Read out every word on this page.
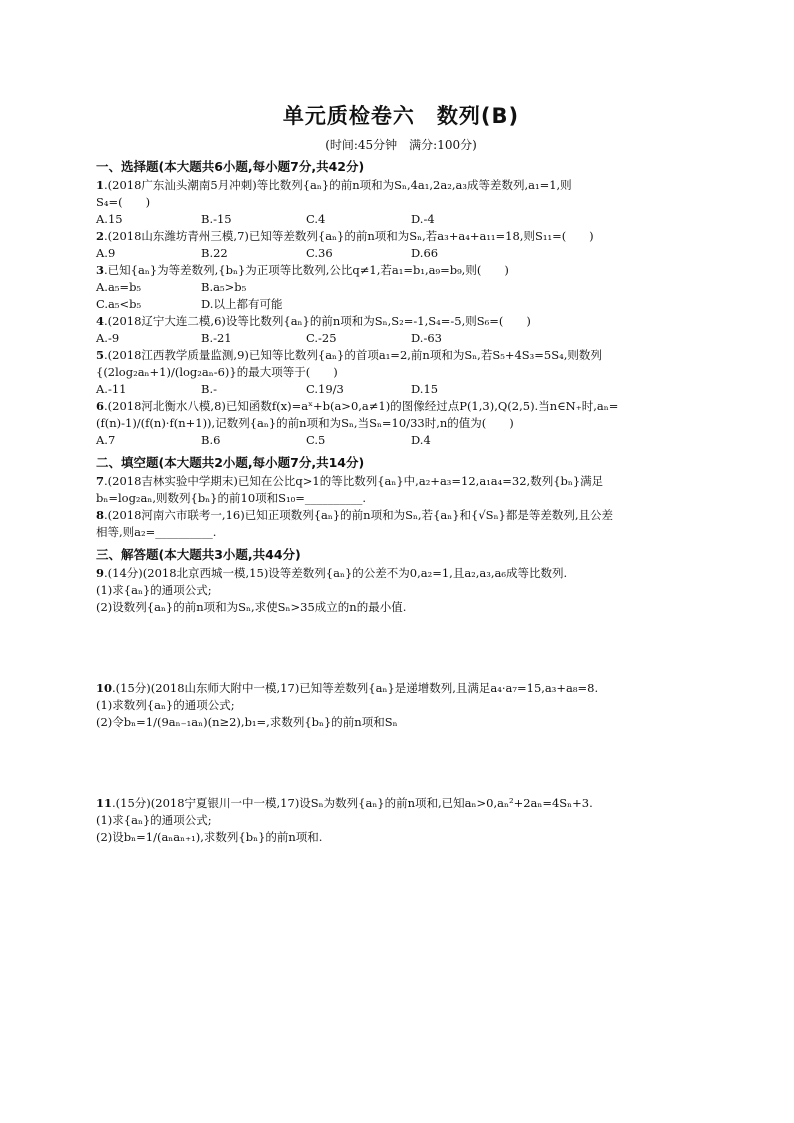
单元质检卷六　数列(B)
(时间:45分钟　满分:100分)
一、选择题(本大题共6小题,每小题7分,共42分)
1.(2018广东汕头潮南5月冲刺)等比数列{aₙ}的前n项和为Sₙ,4a₁,2a₂,a₃成等差数列,a₁=1,则
S₄=(　　)
A.15	B.-15	C.4	D.-4
2.(2018山东潍坊青州三模,7)已知等差数列{aₙ}的前n项和为Sₙ,若a₃+a₄+a₁₁=18,则S₁₁=(　　)
A.9	B.22	C.36	D.66
3.已知{aₙ}为等差数列,{bₙ}为正项等比数列,公比q≠1,若a₁=b₁,a₉=b₉,则(　　)
A.a₅=b₅	B.a₅>b₅
C.a₅<b₅	D.以上都有可能
4.(2018辽宁大连二模,6)设等比数列{aₙ}的前n项和为Sₙ,S₂=-1,S₄=-5,则S₆=(　　)
A.-9	B.-21	C.-25	D.-63
5.(2018江西教学质量监测,9)已知等比数列{aₙ}的首项a₁=2,前n项和为Sₙ,若S₅+4S₃=5S₄,则数列
{(2log₂aₙ+1)/(log₂aₙ-6)}的最大项等于(　　)
A.-11	B.-	C.19/3	D.15
6.(2018河北衡水八模,8)已知函数f(x)=aˣ+b(a>0,a≠1)的图像经过点P(1,3),Q(2,5).当n∈N₊时,aₙ=
(f(n)-1)/(f(n)·f(n+1)),记数列{aₙ}的前n项和为Sₙ,当Sₙ=10/33时,n的值为(　　)
A.7	B.6	C.5	D.4
二、填空题(本大题共2小题,每小题7分,共14分)
7.(2018吉林实验中学期末)已知在公比q>1的等比数列{aₙ}中,a₂+a₃=12,a₁a₄=32,数列{bₙ}满足
bₙ=log₂aₙ,则数列{bₙ}的前10项和S₁₀=__________.
8.(2018河南六市联考一,16)已知正项数列{aₙ}的前n项和为Sₙ,若{aₙ}和{√Sₙ}都是等差数列,且公差
相等,则a₂=__________.
三、解答题(本大题共3小题,共44分)
9.(14分)(2018北京西城一模,15)设等差数列{aₙ}的公差不为0,a₂=1,且a₂,a₃,a₆成等比数列.
(1)求{aₙ}的通项公式;
(2)设数列{aₙ}的前n项和为Sₙ,求使Sₙ>35成立的n的最小值.
10.(15分)(2018山东师大附中一模,17)已知等差数列{aₙ}是递增数列,且满足a₄·a₇=15,a₃+a₈=8.
(1)求数列{aₙ}的通项公式;
(2)令bₙ=1/(9aₙ₋₁aₙ)(n≥2),b₁=,求数列{bₙ}的前n项和Sₙ
11.(15分)(2018宁夏银川一中一模,17)设Sₙ为数列{aₙ}的前n项和,已知aₙ>0,aₙ²+2aₙ=4Sₙ+3.
(1)求{aₙ}的通项公式;
(2)设bₙ=1/(aₙaₙ₊₁),求数列{bₙ}的前n项和.
